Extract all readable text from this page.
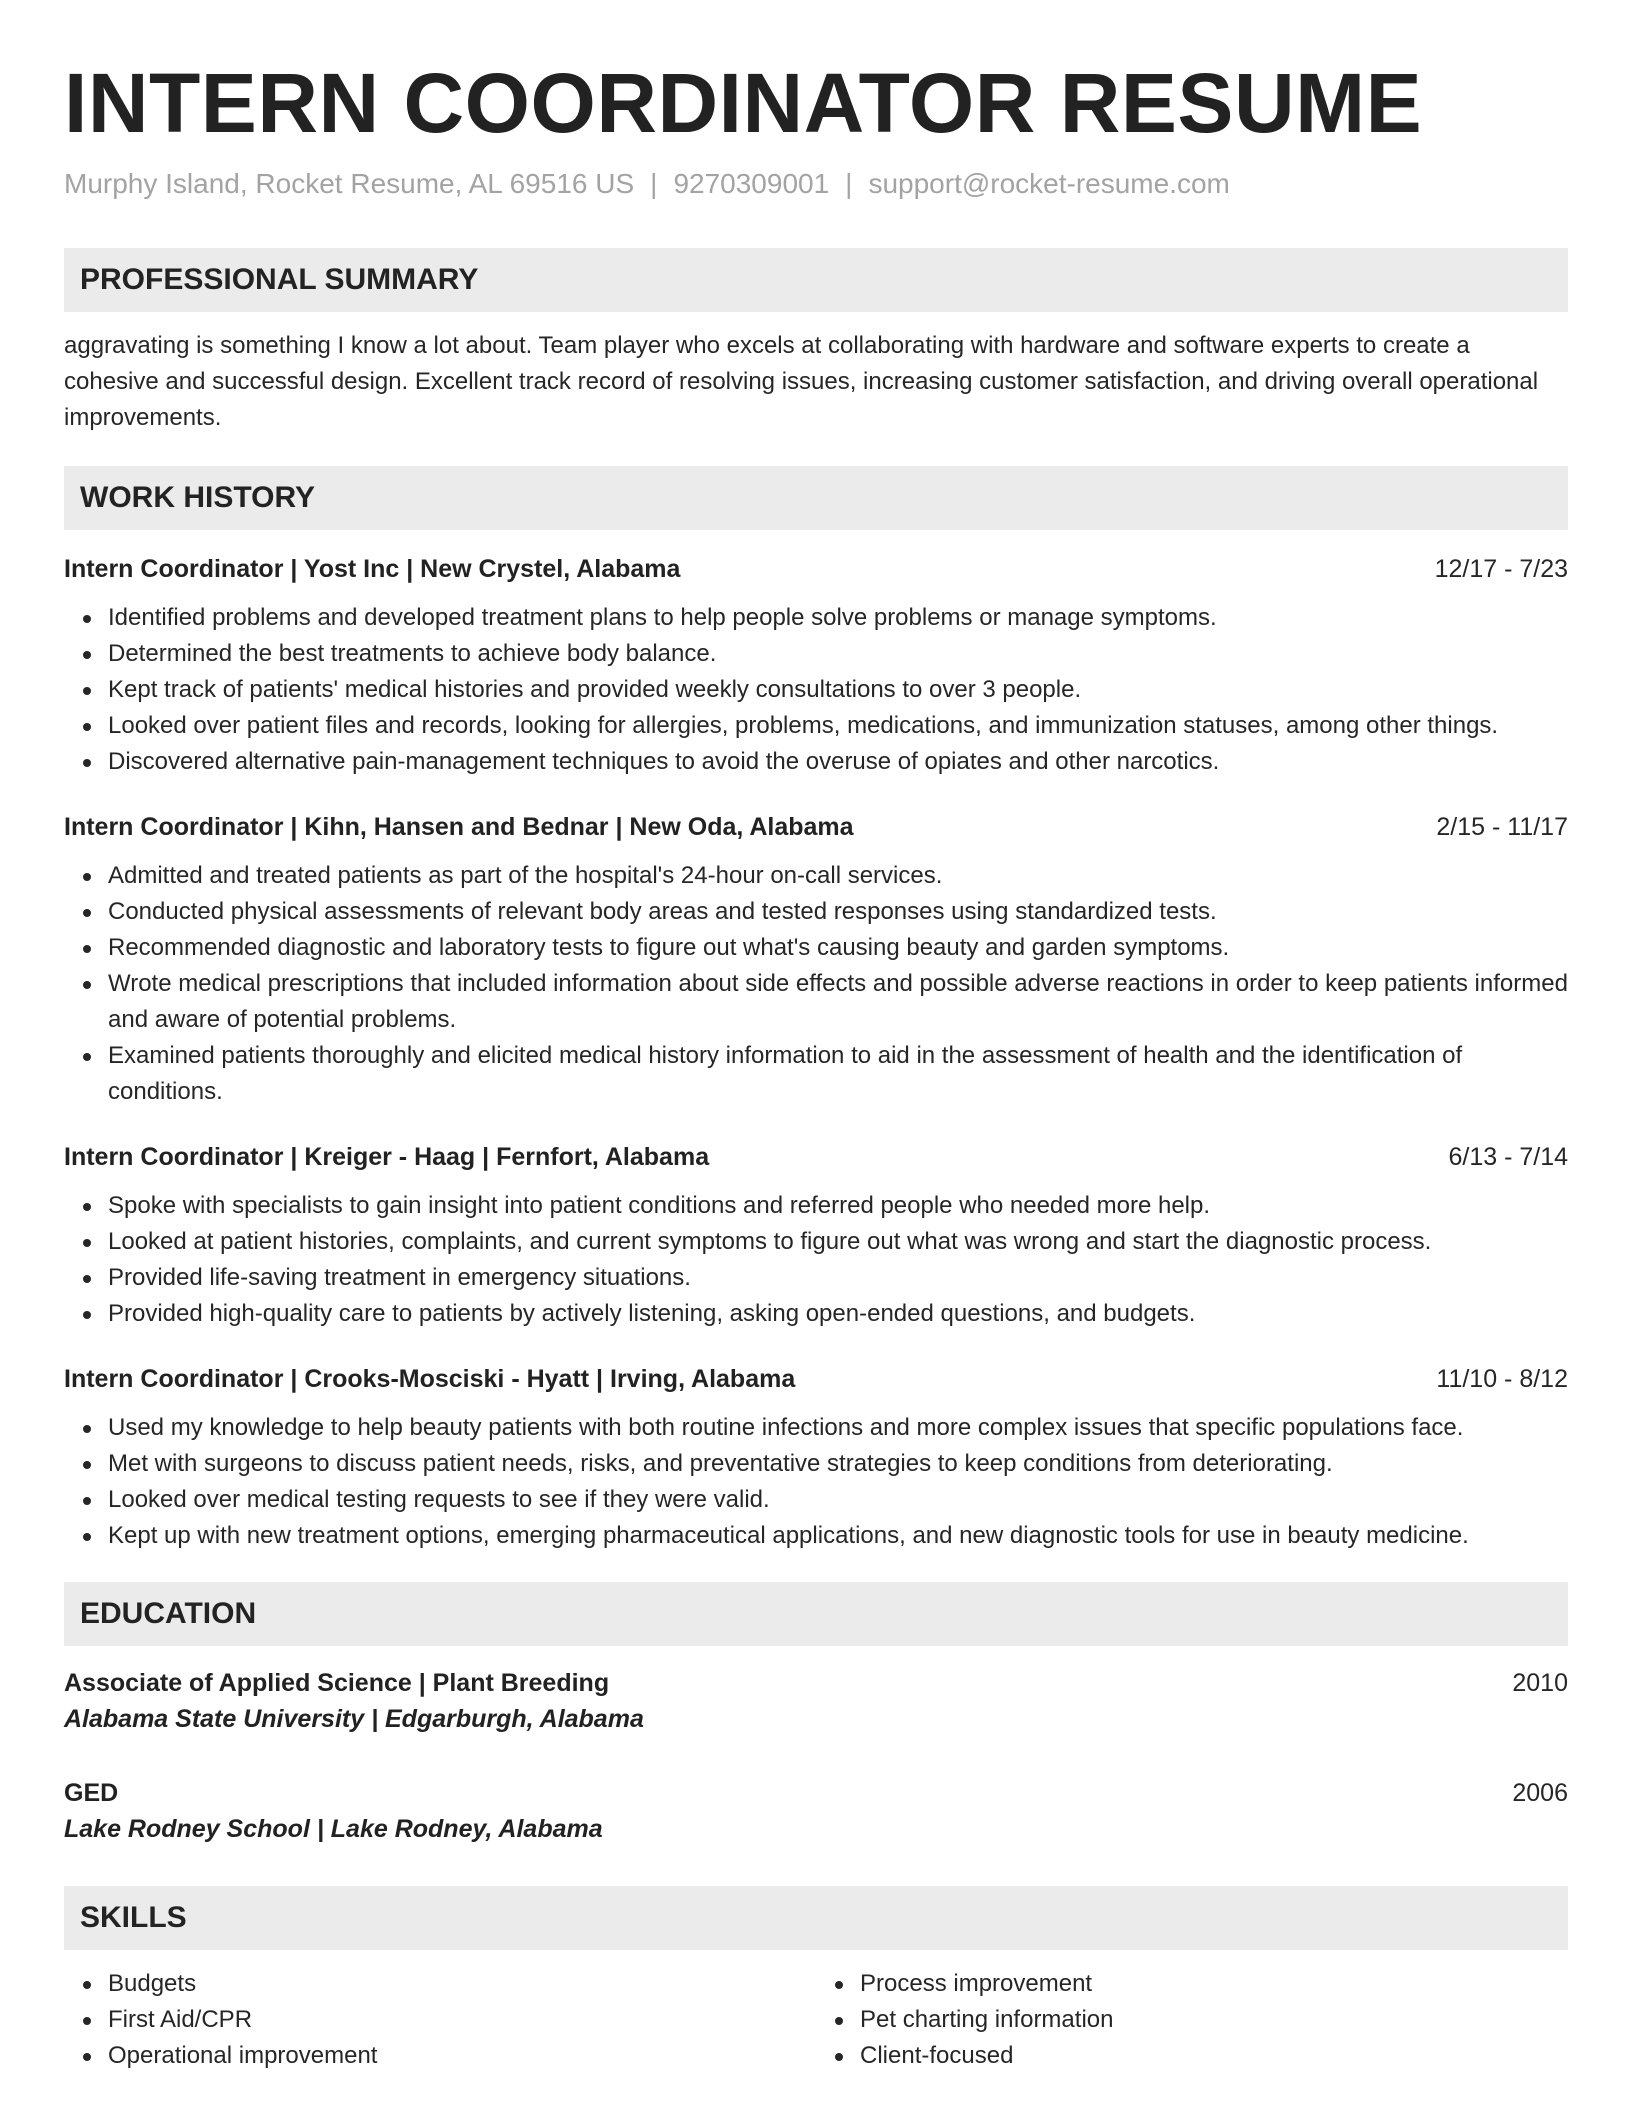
INTERN COORDINATOR RESUME
Murphy Island, Rocket Resume, AL 69516 US | 9270309001 | support@rocket-resume.com
PROFESSIONAL SUMMARY

aggravating is something I know a lot about. Team player who excels at collaborating with hardware and software experts to create a cohesive and successful design. Excellent track record of resolving issues, increasing customer satisfaction, and driving overall operational improvements.

WORK HISTORY
Intern Coordinator | Yost Inc | New Crystel, Alabama	12/17 - 7/23
Identified problems and developed treatment plans to help people solve problems or manage symptoms.
Determined the best treatments to achieve body balance.
Kept track of patients' medical histories and provided weekly consultations to over 3 people.
Looked over patient files and records, looking for allergies, problems, medications, and immunization statuses, among other things.
Discovered alternative pain-management techniques to avoid the overuse of opiates and other narcotics.
Intern Coordinator | Kihn, Hansen and Bednar | New Oda, Alabama	2/15 - 11/17
Admitted and treated patients as part of the hospital's 24-hour on-call services.
Conducted physical assessments of relevant body areas and tested responses using standardized tests.
Recommended diagnostic and laboratory tests to figure out what's causing beauty and garden symptoms.
Wrote medical prescriptions that included information about side effects and possible adverse reactions in order to keep patients informed and aware of potential problems.
Examined patients thoroughly and elicited medical history information to aid in the assessment of health and the identification of conditions.
Intern Coordinator | Kreiger - Haag | Fernfort, Alabama	6/13 - 7/14
Spoke with specialists to gain insight into patient conditions and referred people who needed more help.
Looked at patient histories, complaints, and current symptoms to figure out what was wrong and start the diagnostic process.
Provided life-saving treatment in emergency situations.
Provided high-quality care to patients by actively listening, asking open-ended questions, and budgets.
Intern Coordinator | Crooks-Mosciski - Hyatt | Irving, Alabama	11/10 - 8/12
Used my knowledge to help beauty patients with both routine infections and more complex issues that specific populations face.
Met with surgeons to discuss patient needs, risks, and preventative strategies to keep conditions from deteriorating.
Looked over medical testing requests to see if they were valid.
Kept up with new treatment options, emerging pharmaceutical applications, and new diagnostic tools for use in beauty medicine.
EDUCATION
Associate of Applied Science | Plant Breeding	2010
Alabama State University | Edgarburgh, Alabama
GED	2006
Lake Rodney School | Lake Rodney, Alabama
SKILLS
Budgets
First Aid/CPR
Operational improvement
Process improvement
Pet charting information
Client-focused
